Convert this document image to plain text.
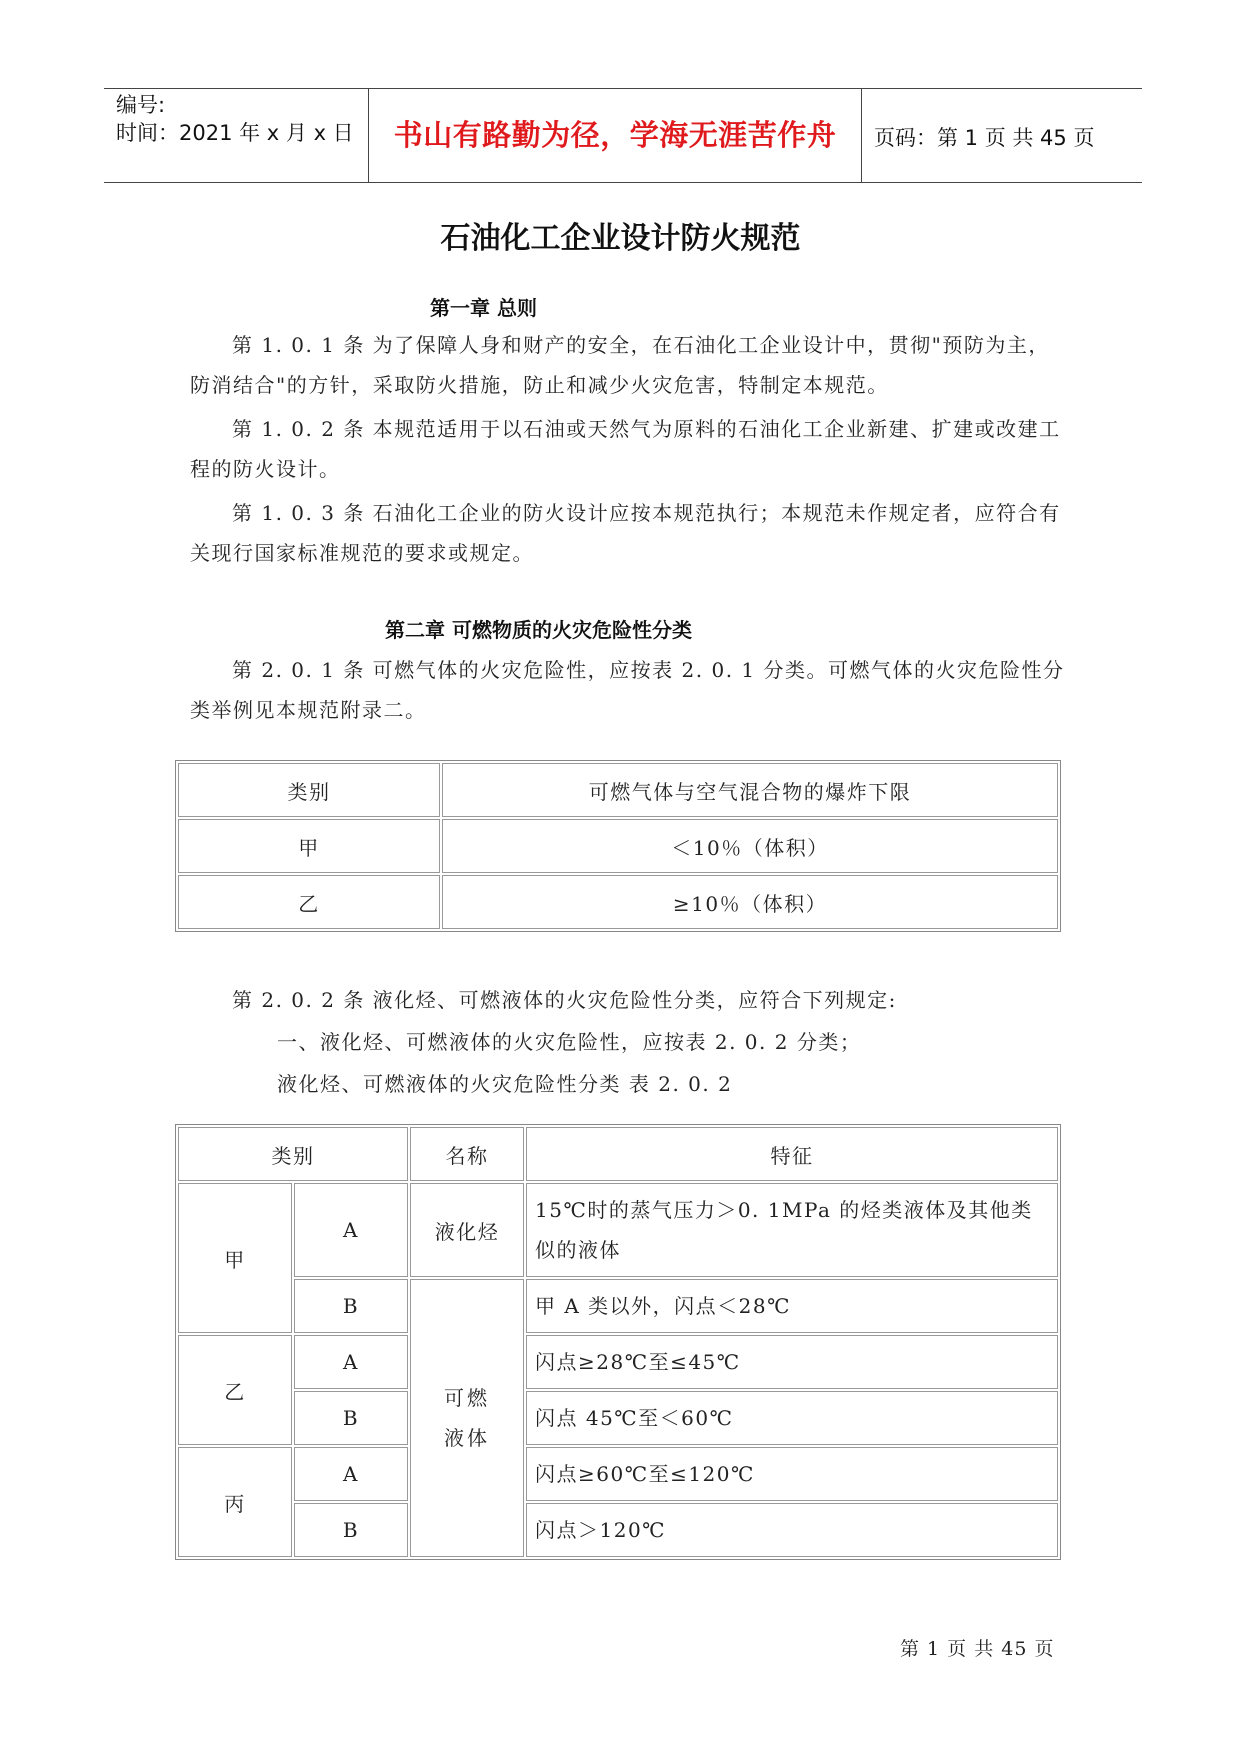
编号:
时间：2021 年 x 月 x 日	书山有路勤为径，学海无涯苦作舟	页码：第 1 页 共 45 页
石油化工企业设计防火规范
第一章 总则
第 1. 0. 1 条 为了保障人身和财产的安全，在石油化工企业设计中，贯彻"预防为主，防消结合"的方针，采取防火措施，防止和减少火灾危害，特制定本规范。
第 1. 0. 2 条 本规范适用于以石油或天然气为原料的石油化工企业新建、扩建或改建工程的防火设计。
第 1. 0. 3 条 石油化工企业的防火设计应按本规范执行；本规范未作规定者，应符合有关现行国家标准规范的要求或规定。
第二章 可燃物质的火灾危险性分类
第 2. 0. 1 条 可燃气体的火灾危险性，应按表 2. 0. 1 分类。可燃气体的火灾危险性分类举例见本规范附录二。
类别	可燃气体与空气混合物的爆炸下限
甲	＜10％（体积）
乙	≥10％（体积）
第 2. 0. 2 条 液化烃、可燃液体的火灾危险性分类，应符合下列规定:
一、液化烃、可燃液体的火灾危险性，应按表 2. 0. 2 分类；
液化烃、可燃液体的火灾危险性分类 表 2. 0. 2
类别		名称	特征
甲	A	液化烃	15℃时的蒸气压力＞0. 1MPa 的烃类液体及其他类似的液体
	B	可燃液体	甲 A 类以外，闪点＜28℃
乙	A		闪点≥28℃至≤45℃
	B		闪点 45℃至＜60℃
丙	A		闪点≥60℃至≤120℃
	B		闪点＞120℃
第 1 页 共 45 页
